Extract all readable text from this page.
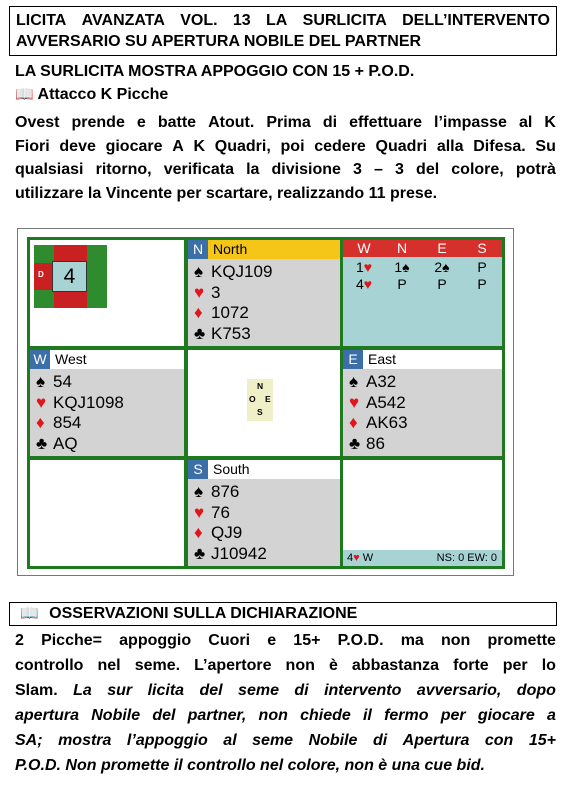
LICITA AVANZATA VOL. 13 LA SURLICITA DELL’INTERVENTO
AVVERSARIO SU APERTURA NOBILE DEL PARTNER
LA SURLICITA MOSTRA APPOGGIO CON 15 + P.O.D.
📖 Attacco K Picche
Ovest prende e batte Atout. Prima di effettuare l’impasse al K
Fiori deve giocare A K Quadri, poi cedere Quadri alla Difesa. Su
qualsiasi ritorno, verificata la divisione 3 – 3 del colore, potrà
utilizzare la Vincente per scartare, realizzando 11 prese.
D 4
N North
♠ KQJ109
♥ 3
♦ 1072
♣ K753
W	N	E	S
1♥	1♠	2♠	P
4♥	P	P	P
W West
♠ 54
♥ KQJ1098
♦ 854
♣ AQ
N
O E
S
E East
♠ A32
♥ A542
♦ AK63
♣ 86
S South
♠ 876
♥ 76
♦ QJ9
♣ J10942	4♥ W	NS: 0 EW: 0
📖 OSSERVAZIONI SULLA DICHIARAZIONE
2 Picche= appoggio Cuori e 15+ P.O.D. ma non promette
controllo nel seme. L’apertore non è abbastanza forte per lo
Slam. La sur licita del seme di intervento avversario, dopo
apertura Nobile del partner, non chiede il fermo per giocare a
SA; mostra l’appoggio al seme Nobile di Apertura con 15+
P.O.D. Non promette il controllo nel colore, non è una cue bid.
